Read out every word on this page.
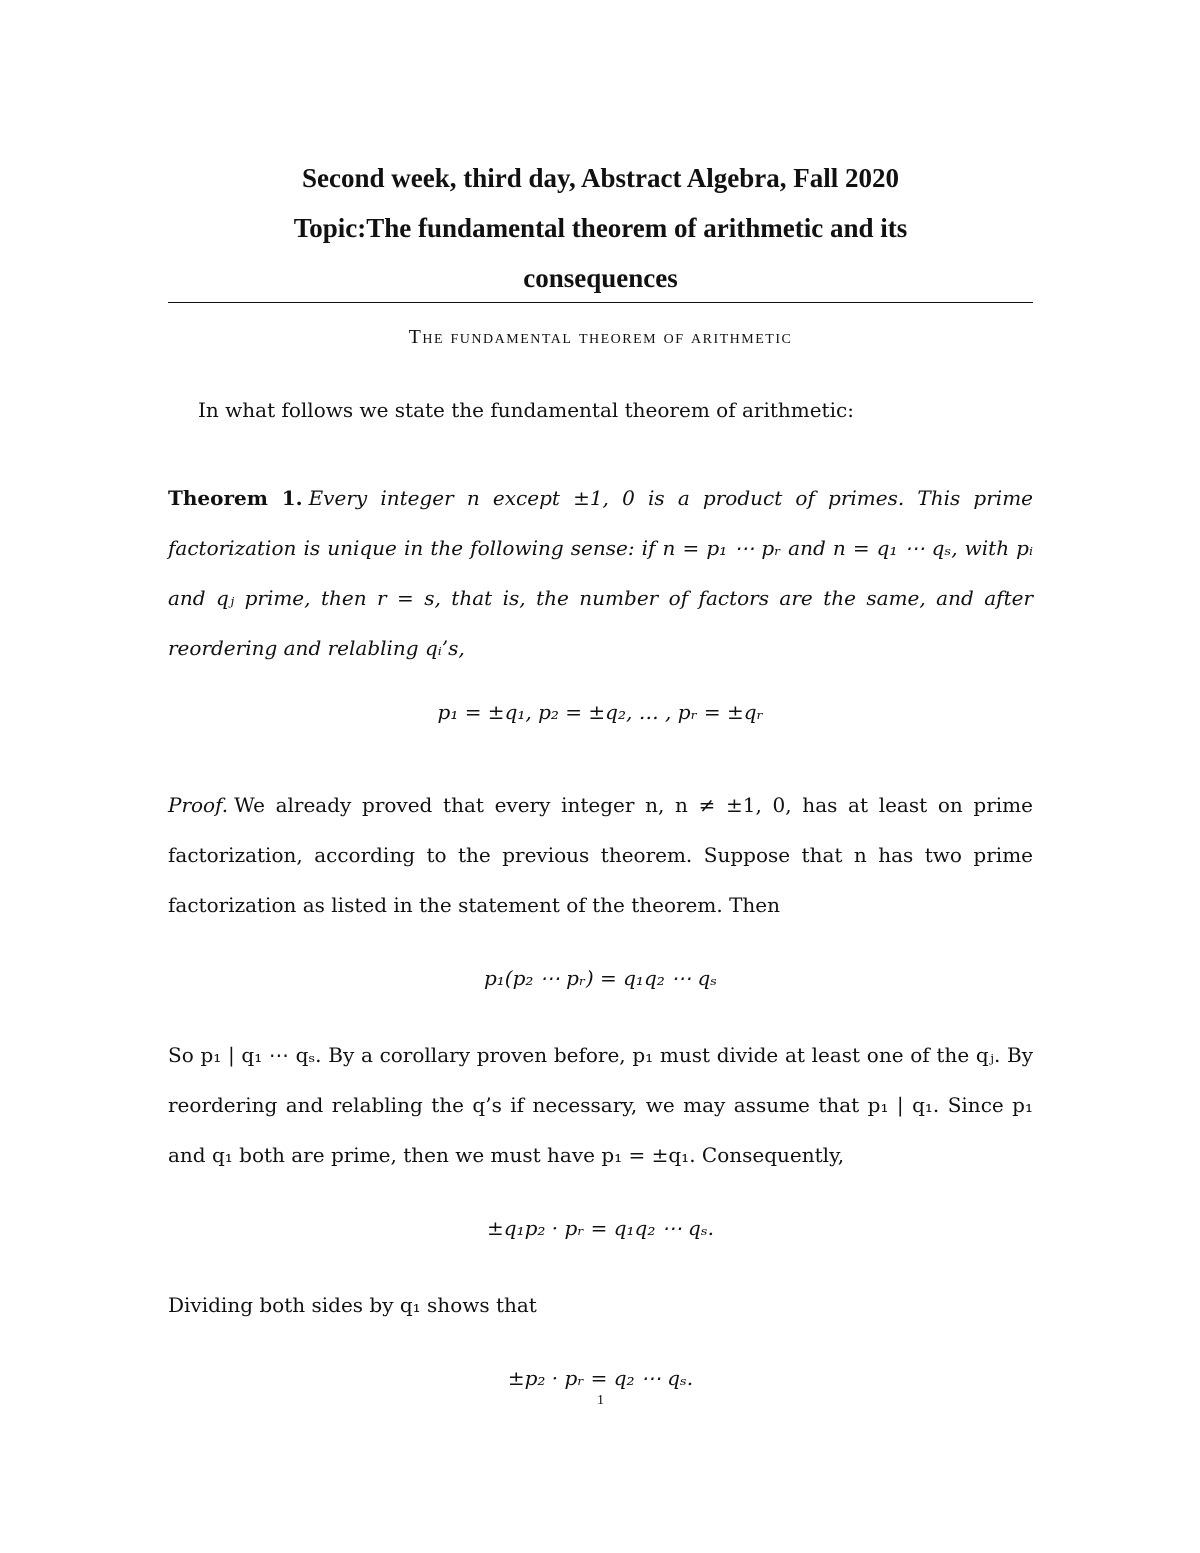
Second week, third day, Abstract Algebra, Fall 2020
Topic:The fundamental theorem of arithmetic and its
consequences
The fundamental theorem of arithmetic
In what follows we state the fundamental theorem of arithmetic:
Theorem 1. Every integer n except ±1, 0 is a product of primes. This prime factorization is unique in the following sense: if n = p₁ ⋯ pᵣ and n = q₁ ⋯ qₛ, with pᵢ and qⱼ prime, then r = s, that is, the number of factors are the same, and after reordering and relabling qᵢ’s,
p₁ = ±q₁, p₂ = ±q₂, … , pᵣ = ±qᵣ
Proof. We already proved that every integer n, n ≠ ±1, 0, has at least on prime factorization, according to the previous theorem. Suppose that n has two prime factorization as listed in the statement of the theorem. Then
p₁(p₂ ⋯ pᵣ) = q₁q₂ ⋯ qₛ
So p₁ | q₁ ⋯ qₛ. By a corollary proven before, p₁ must divide at least one of the qⱼ. By reordering and relabling the q’s if necessary, we may assume that p₁ | q₁. Since p₁ and q₁ both are prime, then we must have p₁ = ±q₁. Consequently,
±q₁p₂ · pᵣ = q₁q₂ ⋯ qₛ.
Dividing both sides by q₁ shows that
±p₂ · pᵣ = q₂ ⋯ qₛ.
1
